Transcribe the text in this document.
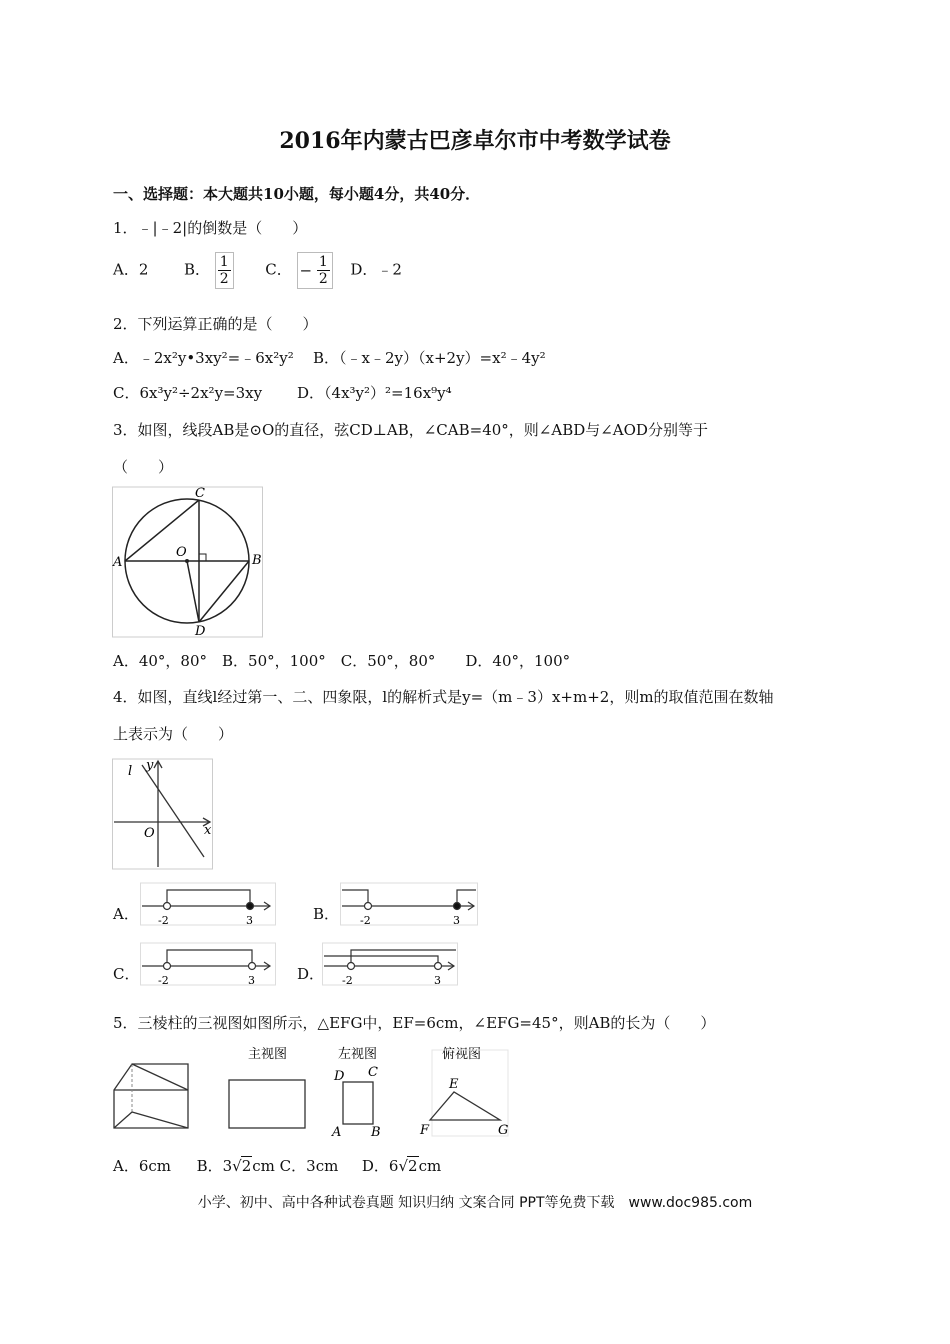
2016年内蒙古巴彦卓尔市中考数学试卷
一、选择题：本大题共10小题，每小题4分，共40分．
1．﹣|﹣2|的倒数是（　　）
A．2 B． $\frac{1}{2}$ C． − $\frac{1}{2}$ D．﹣2
2．下列运算正确的是（　　）
A．﹣2x²y•3xy²=﹣6x²y² B．（﹣x﹣2y）（x+2y）=x²﹣4y²
C．6x³y²÷2x²y=3xy D．（4x³y²）²=16x⁹y⁴
3．如图，线段AB是⊙O的直径，弦CD⊥AB，∠CAB=40°，则∠ABD与∠AOD分别等于
（　　）
A	B
C
D
O
A．40°，80°　B．50°，100°　C．50°，80°　　D．40°，100°
4．如图，直线l经过第一、二、四象限，l的解析式是y=（m﹣3）x+m+2，则m的取值范围在数轴
上表示为（　　）
l y
x
O
A． -2	3	B． -2	3
C． -2	3	D． -2	3
5．三棱柱的三视图如图所示，△EFG中，EF=6cm，∠EFG=45°，则AB的长为（　　）
主视图	左视图
D C
A B
俯视图
E
F	G
A．6cm B．3√2cm C．3cm D．6√2cm
小学、初中、高中各种试卷真题 知识归纳 文案合同 PPT等免费下载　www.doc985.com
